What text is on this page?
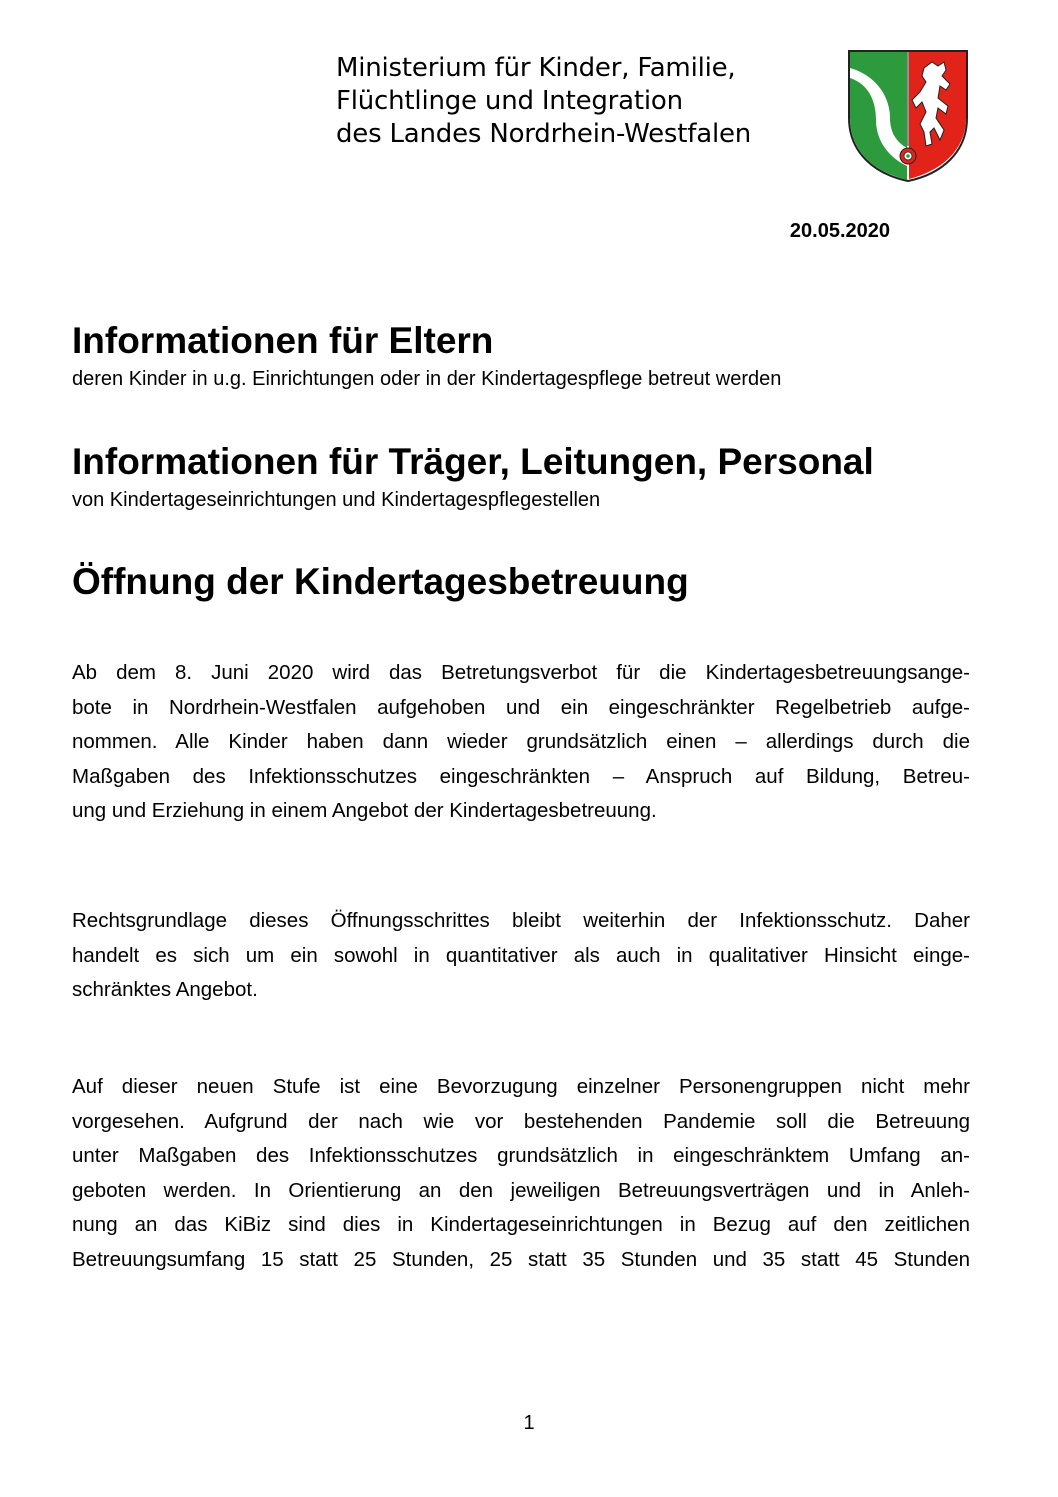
Ministerium für Kinder, Familie,
Flüchtlinge und Integration
des Landes Nordrhein-Westfalen
20.05.2020
Informationen für Eltern
deren Kinder in u.g. Einrichtungen oder in der Kindertagespflege betreut werden
Informationen für Träger, Leitungen, Personal
von Kindertageseinrichtungen und Kindertagespflegestellen
Öffnung der Kindertagesbetreuung
Ab dem 8. Juni 2020 wird das Betretungsverbot für die Kindertagesbetreuungsange-
bote in Nordrhein-Westfalen aufgehoben und ein eingeschränkter Regelbetrieb aufge-
nommen. Alle Kinder haben dann wieder grundsätzlich einen – allerdings durch die
Maßgaben des Infektionsschutzes eingeschränkten – Anspruch auf Bildung, Betreu-
ung und Erziehung in einem Angebot der Kindertagesbetreuung.
Rechtsgrundlage dieses Öffnungsschrittes bleibt weiterhin der Infektionsschutz. Daher
handelt es sich um ein sowohl in quantitativer als auch in qualitativer Hinsicht einge-
schränktes Angebot.
Auf dieser neuen Stufe ist eine Bevorzugung einzelner Personengruppen nicht mehr
vorgesehen. Aufgrund der nach wie vor bestehenden Pandemie soll die Betreuung
unter Maßgaben des Infektionsschutzes grundsätzlich in eingeschränktem Umfang an-
geboten werden. In Orientierung an den jeweiligen Betreuungsverträgen und in Anleh-
nung an das KiBiz sind dies in Kindertageseinrichtungen in Bezug auf den zeitlichen
Betreuungsumfang 15 statt 25 Stunden, 25 statt 35 Stunden und 35 statt 45 Stunden
1
